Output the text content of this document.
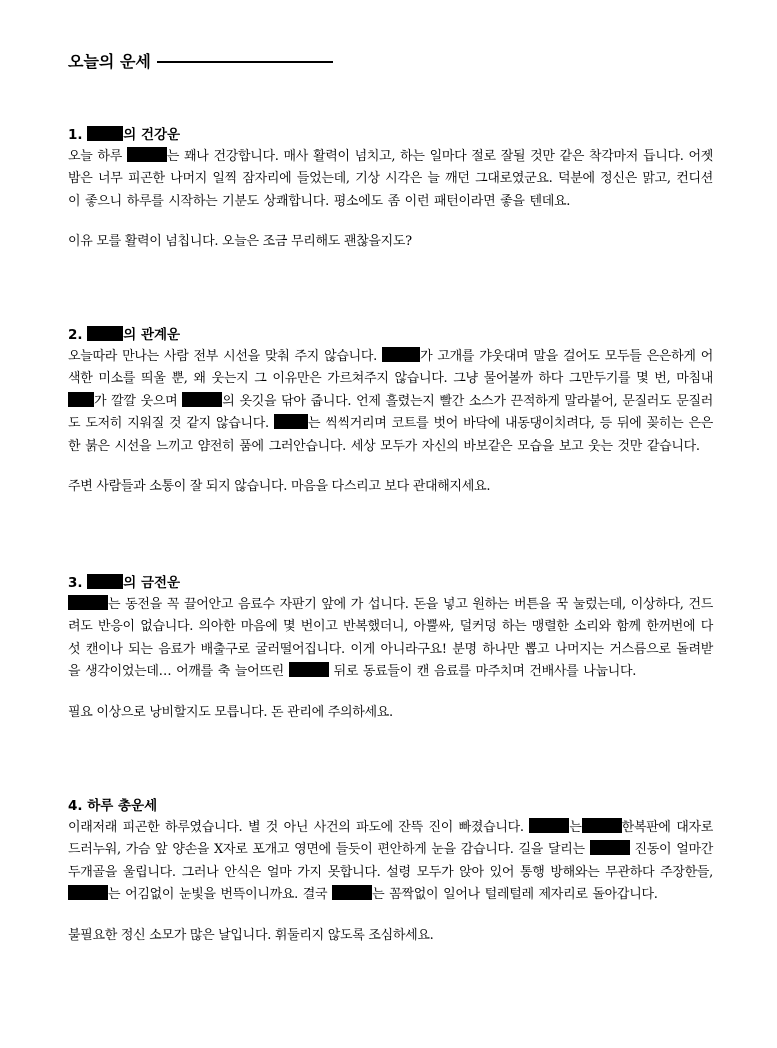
오늘의 운세

1.	의 건강운

오늘 하루	는 꽤나 건강합니다. 매사 활력이 넘치고, 하는 일마다 절로 잘될 것만 같은 착각마저 듭니다. 어젯밤은 너무 피곤한 나머지 일찍 잠자리에 들었는데, 기상 시각은 늘 깨던 그대로였군요. 덕분에 정신은 맑고, 컨디션이 좋으니 하루를 시작하는 기분도 상쾌합니다. 평소에도 좀 이런 패턴이라면 좋을 텐데요.

이유 모를 활력이 넘칩니다. 오늘은 조금 무리해도 괜찮을지도?

2.	의 관계운

오늘따라 만나는 사람 전부 시선을 맞춰 주지 않습니다.	가 고개를 갸웃대며 말을 걸어도 모두들 은은하게 어색한 미소를 띄울 뿐, 왜 웃는지 그 이유만은 가르쳐주지 않습니다. 그냥 물어볼까 하다 그만두기를 몇 번, 마침내 가 깔깔 웃으며	의 옷깃을 닦아 줍니다. 언제 흘렸는지 빨간 소스가 끈적하게 말라붙어, 문질러도 문질러도 도저히 지워질 것 같지 않습니다.	는 씩씩거리며 코트를 벗어 바닥에 내동댕이치려다, 등 뒤에 꽂히는 은은한 붉은 시선을 느끼고 얌전히 품에 그러안습니다. 세상 모두가 자신의 바보같은 모습을 보고 웃는 것만 같습니다.

주변 사람들과 소통이 잘 되지 않습니다. 마음을 다스리고 보다 관대해지세요.

3.	의 금전운

는 동전을 꼭 끌어안고 음료수 자판기 앞에 가 섭니다. 돈을 넣고 원하는 버튼을 꾹 눌렀는데, 이상하다, 건드려도 반응이 없습니다. 의아한 마음에 몇 번이고 반복했더니, 아뿔싸, 덜커덩 하는 맹렬한 소리와 함께 한꺼번에 다섯 캔이나 되는 음료가 배출구로 굴러떨어집니다. 이게 아니라구요! 분명 하나만 뽑고 나머지는 거스름으로 돌려받을 생각이었는데… 어깨를 축 늘어뜨린	뒤로 동료들이 캔 음료를 마주치며 건배사를 나눕니다.

필요 이상으로 낭비할지도 모릅니다. 돈 관리에 주의하세요.

4. 하루 총운세

이래저래 피곤한 하루였습니다. 별 것 아닌 사건의 파도에 잔뜩 진이 빠졌습니다.	는	한복판에 대자로 드러누워, 가슴 앞 양손을 X자로 포개고 영면에 들듯이 편안하게 눈을 감습니다. 길을 달리는	진동이 얼마간 두개골을 울립니다. 그러나 안식은 얼마 가지 못합니다. 설령 모두가 앉아 있어 통행 방해와는 무관하다 주장한들, 는 어김없이 눈빛을 번뜩이니까요. 결국	는 꼼짝없이 일어나 털레털레 제자리로 돌아갑니다.

불필요한 정신 소모가 많은 날입니다. 휘둘리지 않도록 조심하세요.
